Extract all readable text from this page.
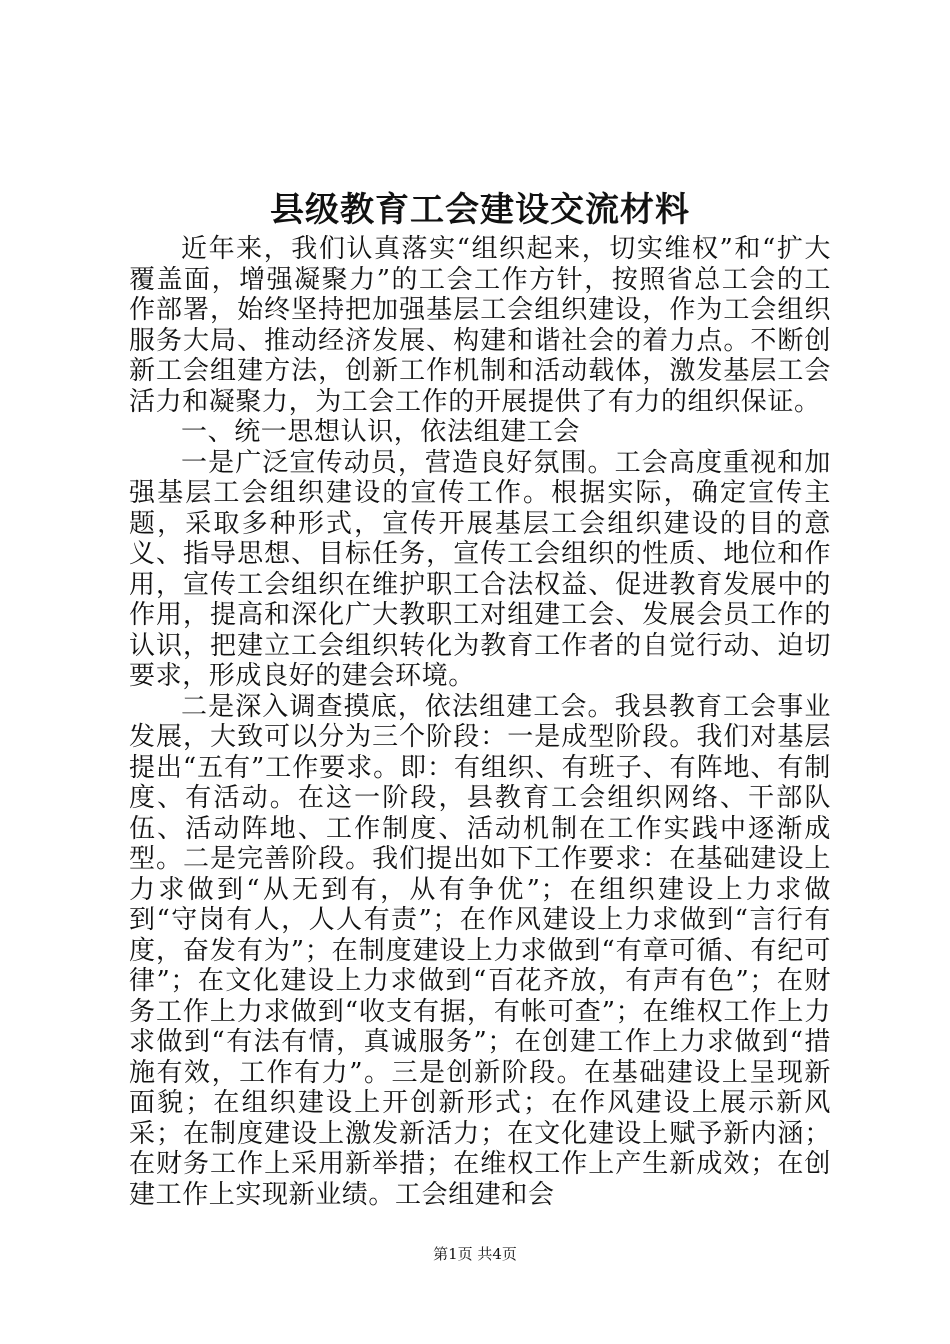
县级教育工会建设交流材料

近年来，我们认真落实“组织起来，切实维权”和“扩大覆盖面，增强凝聚力”的工会工作方针，按照省总工会的工作部署，始终坚持把加强基层工会组织建设，作为工会组织服务大局、推动经济发展、构建和谐社会的着力点。不断创新工会组建方法，创新工作机制和活动载体，激发基层工会活力和凝聚力，为工会工作的开展提供了有力的组织保证。

一、统一思想认识，依法组建工会

一是广泛宣传动员，营造良好氛围。工会高度重视和加强基层工会组织建设的宣传工作。根据实际，确定宣传主题，采取多种形式，宣传开展基层工会组织建设的目的意义、指导思想、目标任务，宣传工会组织的性质、地位和作用，宣传工会组织在维护职工合法权益、促进教育发展中的作用，提高和深化广大教职工对组建工会、发展会员工作的认识，把建立工会组织转化为教育工作者的自觉行动、迫切要求，形成良好的建会环境。

二是深入调查摸底，依法组建工会。我县教育工会事业发展，大致可以分为三个阶段：一是成型阶段。我们对基层提出“五有”工作要求。即：有组织、有班子、有阵地、有制度、有活动。在这一阶段，县教育工会组织网络、干部队伍、活动阵地、工作制度、活动机制在工作实践中逐渐成型。二是完善阶段。我们提出如下工作要求：在基础建设上力求做到“从无到有，从有争优”；在组织建设上力求做到“守岗有人，人人有责”；在作风建设上力求做到“言行有度，奋发有为”；在制度建设上力求做到“有章可循、有纪可律”；在文化建设上力求做到“百花齐放，有声有色”；在财务工作上力求做到“收支有据，有帐可查”；在维权工作上力求做到“有法有情，真诚服务”；在创建工作上力求做到“措施有效，工作有力”。三是创新阶段。在基础建设上呈现新面貌；在组织建设上开创新形式；在作风建设上展示新风采；在制度建设上激发新活力；在文化建设上赋予新内涵；在财务工作上采用新举措；在维权工作上产生新成效；在创建工作上实现新业绩。工会组建和会

第1页 共4页
